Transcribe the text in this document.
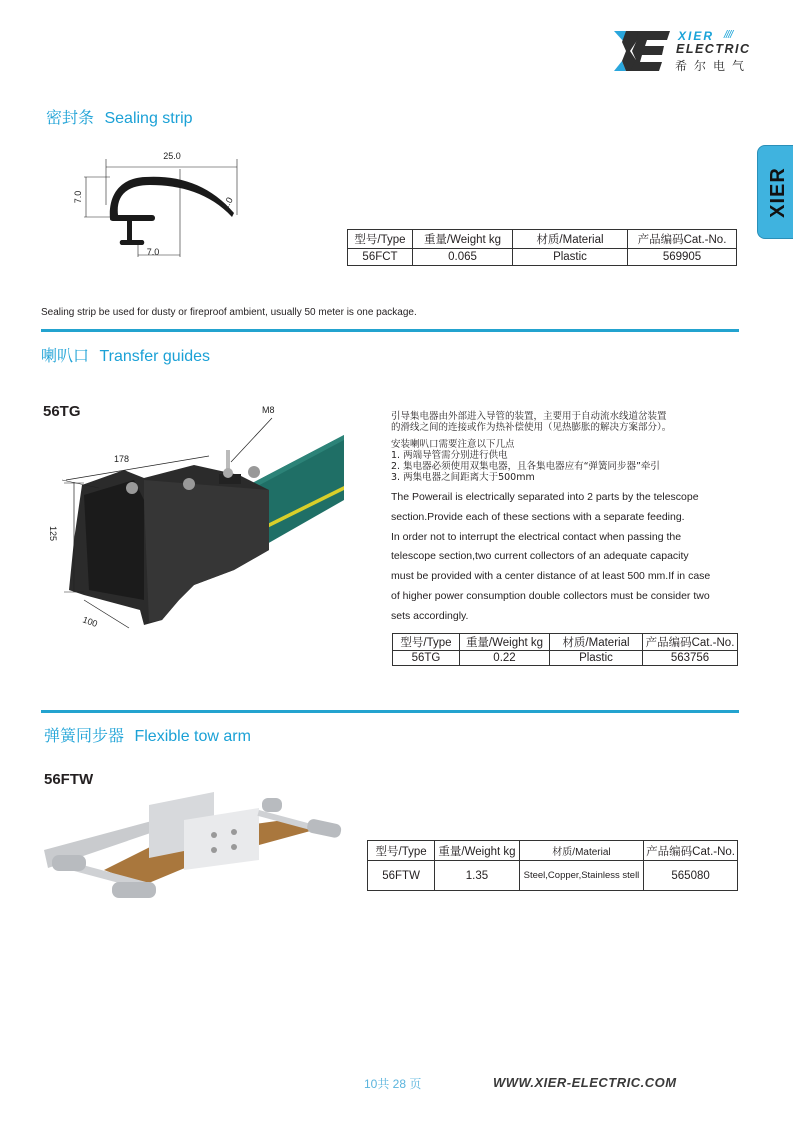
XIER ////
ELECTRIC
希尔电气
XIER
密封条 Sealing strip
25.0
7.0
7.0
1.0
型号/Type	重量/Weight kg	材质/Material	产品编码Cat.-No.
56FCT	0.065	Plastic	569905
Sealing strip be used for dusty or fireproof ambient, usually 50 meter is one package.
喇叭口 Transfer guides
56TG	M8
178
125
100
引导集电器由外部进入导管的装置，主要用于自动流水线道岔装置
的滑线之间的连接或作为热补偿使用（见热膨胀的解决方案部分）。
安装喇叭口需要注意以下几点
1. 两端导管需分别进行供电
2. 集电器必须使用双集电器，且各集电器应有“弹簧同步器”牵引
3. 两集电器之间距离大于500mm
The Powerail is electrically separated into 2 parts by the telescope
section.Provide each of these sections with a separate feeding.
In order not to interrupt the electrical contact when passing the
telescope section,two current collectors of an adequate capacity
must be provided with a center distance of at least 500 mm.If in case
of higher power consumption double collectors must be consider two
sets accordingly.
型号/Type	重量/Weight kg	材质/Material	产品编码Cat.-No.
56TG	0.22	Plastic	563756
弹簧同步器 Flexible tow arm
56FTW
型号/Type	重量/Weight kg	材质/Material	产品编码Cat.-No.
56FTW	1.35	Steel,Copper,Stainless stell	565080
10共 28 页	WWW.XIER-ELECTRIC.COM
